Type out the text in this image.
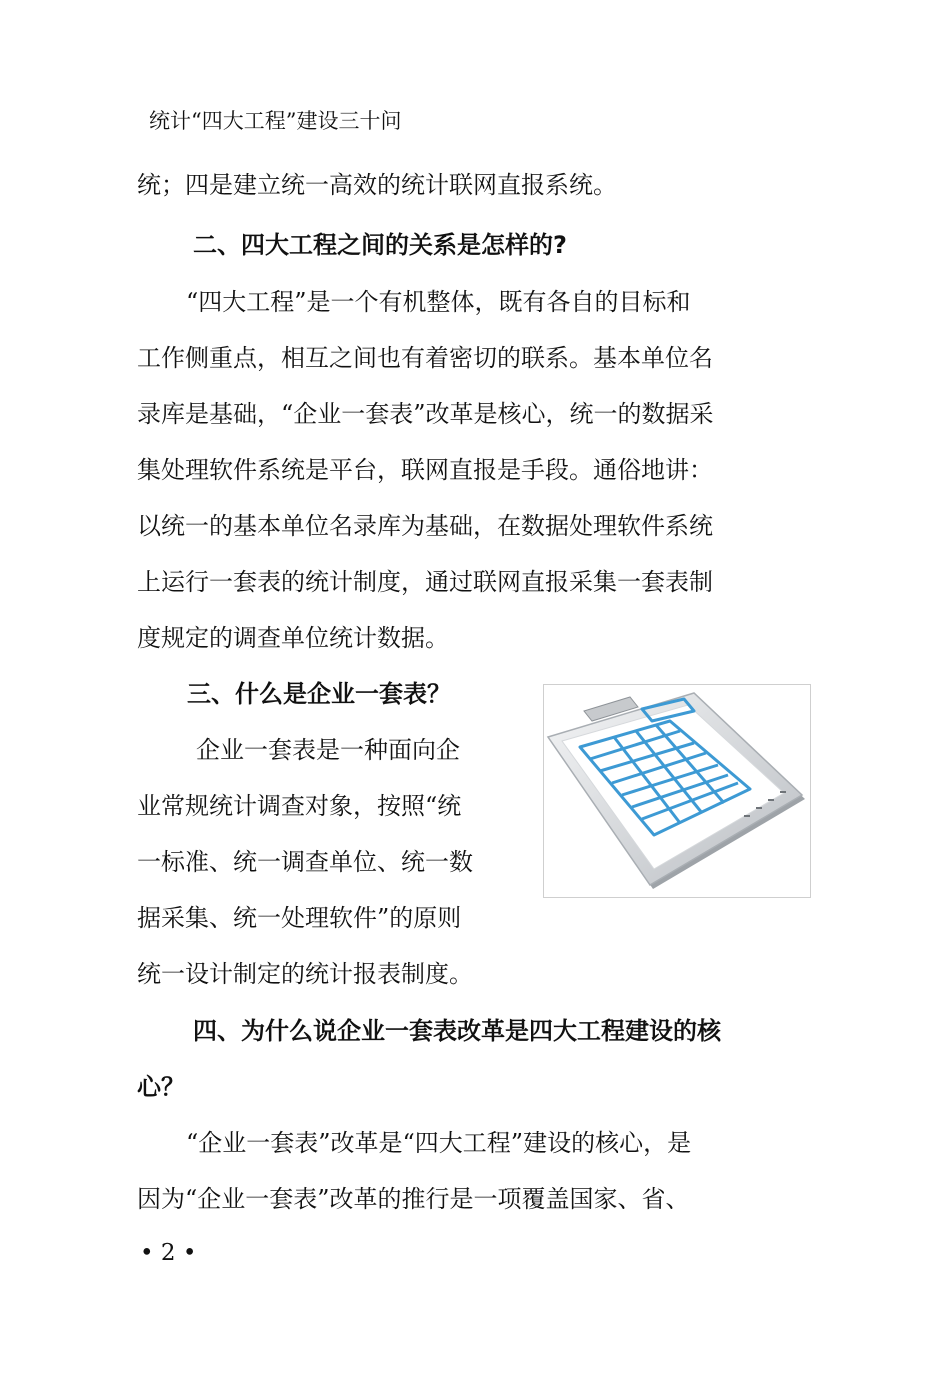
统计“四大工程”建设三十问
统；四是建立统一高效的统计联网直报系统。
二、四大工程之间的关系是怎样的?
“四大工程”是一个有机整体，既有各自的目标和
工作侧重点，相互之间也有着密切的联系。基本单位名
录库是基础，“企业一套表”改革是核心，统一的数据采
集处理软件系统是平台，联网直报是手段。通俗地讲：
以统一的基本单位名录库为基础，在数据处理软件系统
上运行一套表的统计制度，通过联网直报采集一套表制
度规定的调查单位统计数据。
三、什么是企业一套表？
企业一套表是一种面向企
业常规统计调查对象，按照“统
一标准、统一调查单位、统一数
据采集、统一处理软件”的原则
统一设计制定的统计报表制度。
四、为什么说企业一套表改革是四大工程建设的核
心？
“企业一套表”改革是“四大工程”建设的核心，是
因为“企业一套表”改革的推行是一项覆盖国家、省、
• 2 •
